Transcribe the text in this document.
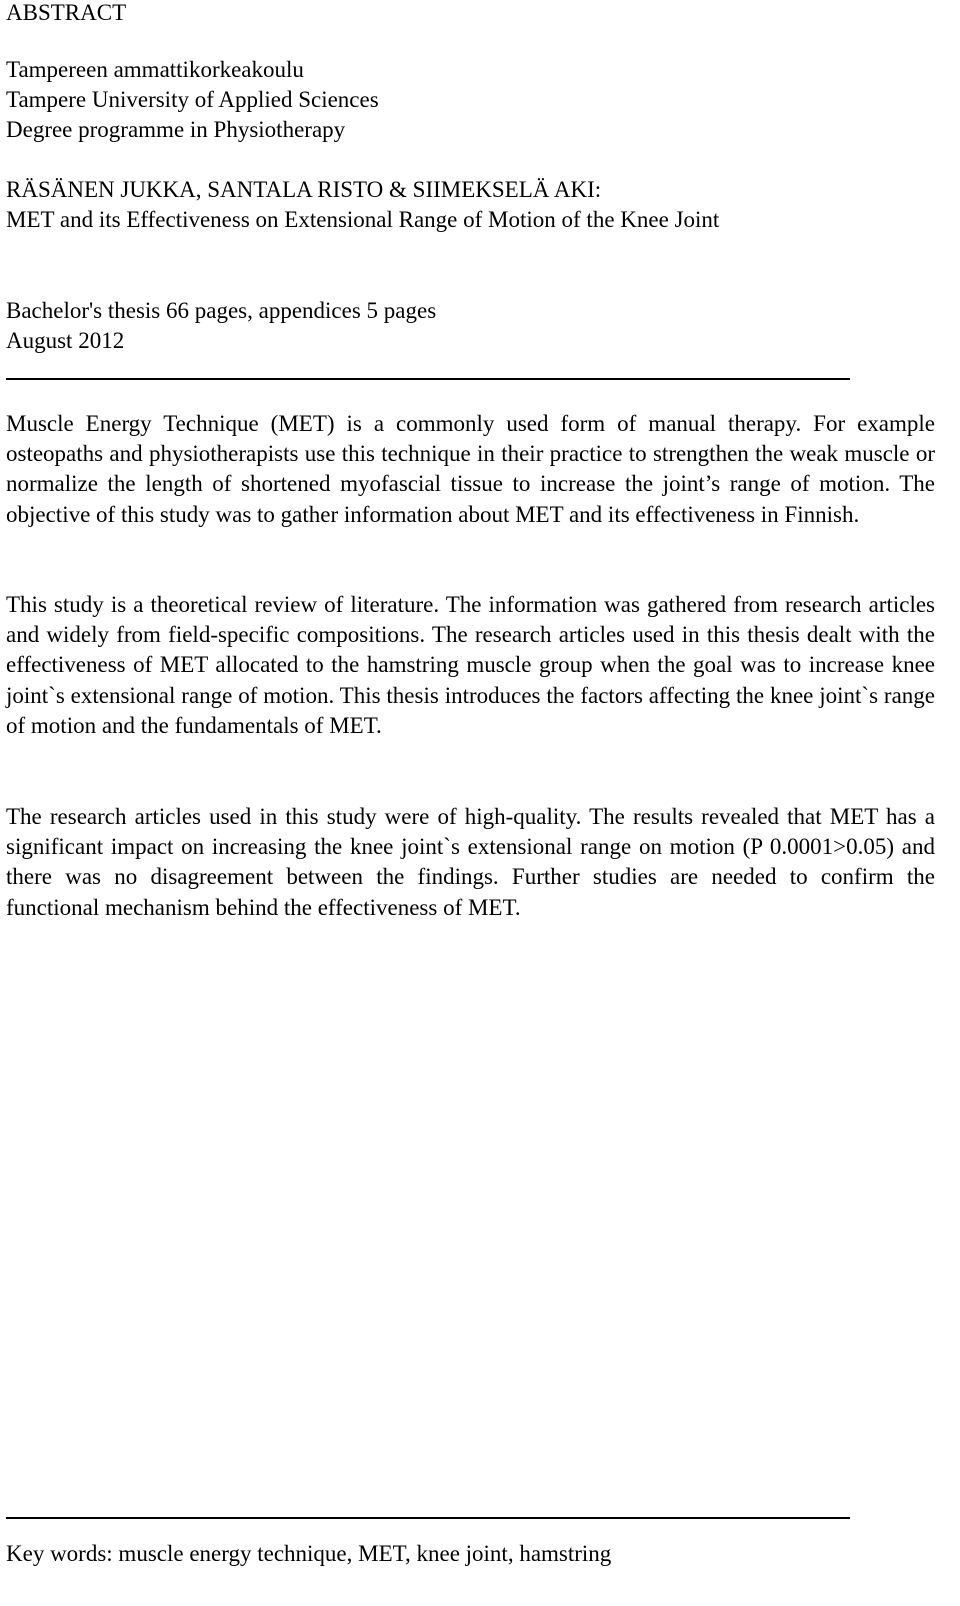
ABSTRACT

Tampereen ammattikorkeakoulu

Tampere University of Applied Sciences

Degree programme in Physiotherapy

RÄSÄNEN JUKKA, SANTALA RISTO & SIIMEKSELÄ AKI:

MET and its Effectiveness on Extensional Range of Motion of the Knee Joint

Bachelor's thesis 66 pages, appendices 5 pages

August 2012

Muscle Energy Technique (MET) is a commonly used form of manual therapy. For example osteopaths and physiotherapists use this technique in their practice to strengthen the weak muscle or normalize the length of shortened myofascial tissue to increase the joint’s range of motion. The objective of this study was to gather information about MET and its effectiveness in Finnish.

This study is a theoretical review of literature. The information was gathered from research articles and widely from field-specific compositions. The research articles used in this thesis dealt with the effectiveness of MET allocated to the hamstring muscle group when the goal was to increase knee joint`s extensional range of motion. This thesis introduces the factors affecting the knee joint`s range of motion and the fundamentals of MET.

The research articles used in this study were of high-quality. The results revealed that MET has a significant impact on increasing the knee joint`s extensional range on motion (P 0.0001>0.05) and there was no disagreement between the findings. Further studies are needed to confirm the functional mechanism behind the effectiveness of MET.

Key words: muscle energy technique, MET, knee joint, hamstring
